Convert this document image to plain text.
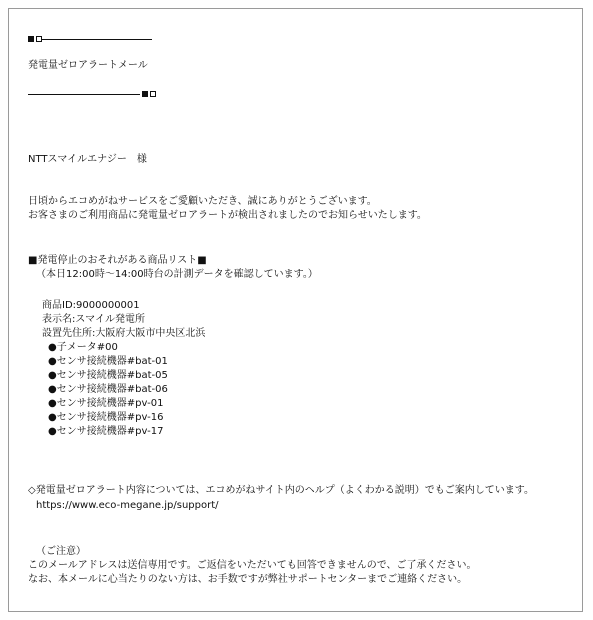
発電量ゼロアラートメール
NTTスマイルエナジー　様
日頃からエコめがねサービスをご愛顧いただき、誠にありがとうございます。
お客さまのご利用商品に発電量ゼロアラートが検出されましたのでお知らせいたします。
■発電停止のおそれがある商品リスト■
（本日12:00時～14:00時台の計測データを確認しています。）
商品ID:9000000001
表示名:スマイル発電所
設置先住所:大阪府大阪市中央区北浜
●子メータ#00
●センサ接続機器#bat-01
●センサ接続機器#bat-05
●センサ接続機器#bat-06
●センサ接続機器#pv-01
●センサ接続機器#pv-16
●センサ接続機器#pv-17
◇発電量ゼロアラート内容については、エコめがねサイト内のヘルプ（よくわかる説明）でもご案内しています。
https://www.eco-megane.jp/support/
（ご注意）
このメールアドレスは送信専用です。ご返信をいただいても回答できませんので、ご了承ください。
なお、本メールに心当たりのない方は、お手数ですが弊社サポートセンターまでご連絡ください。
